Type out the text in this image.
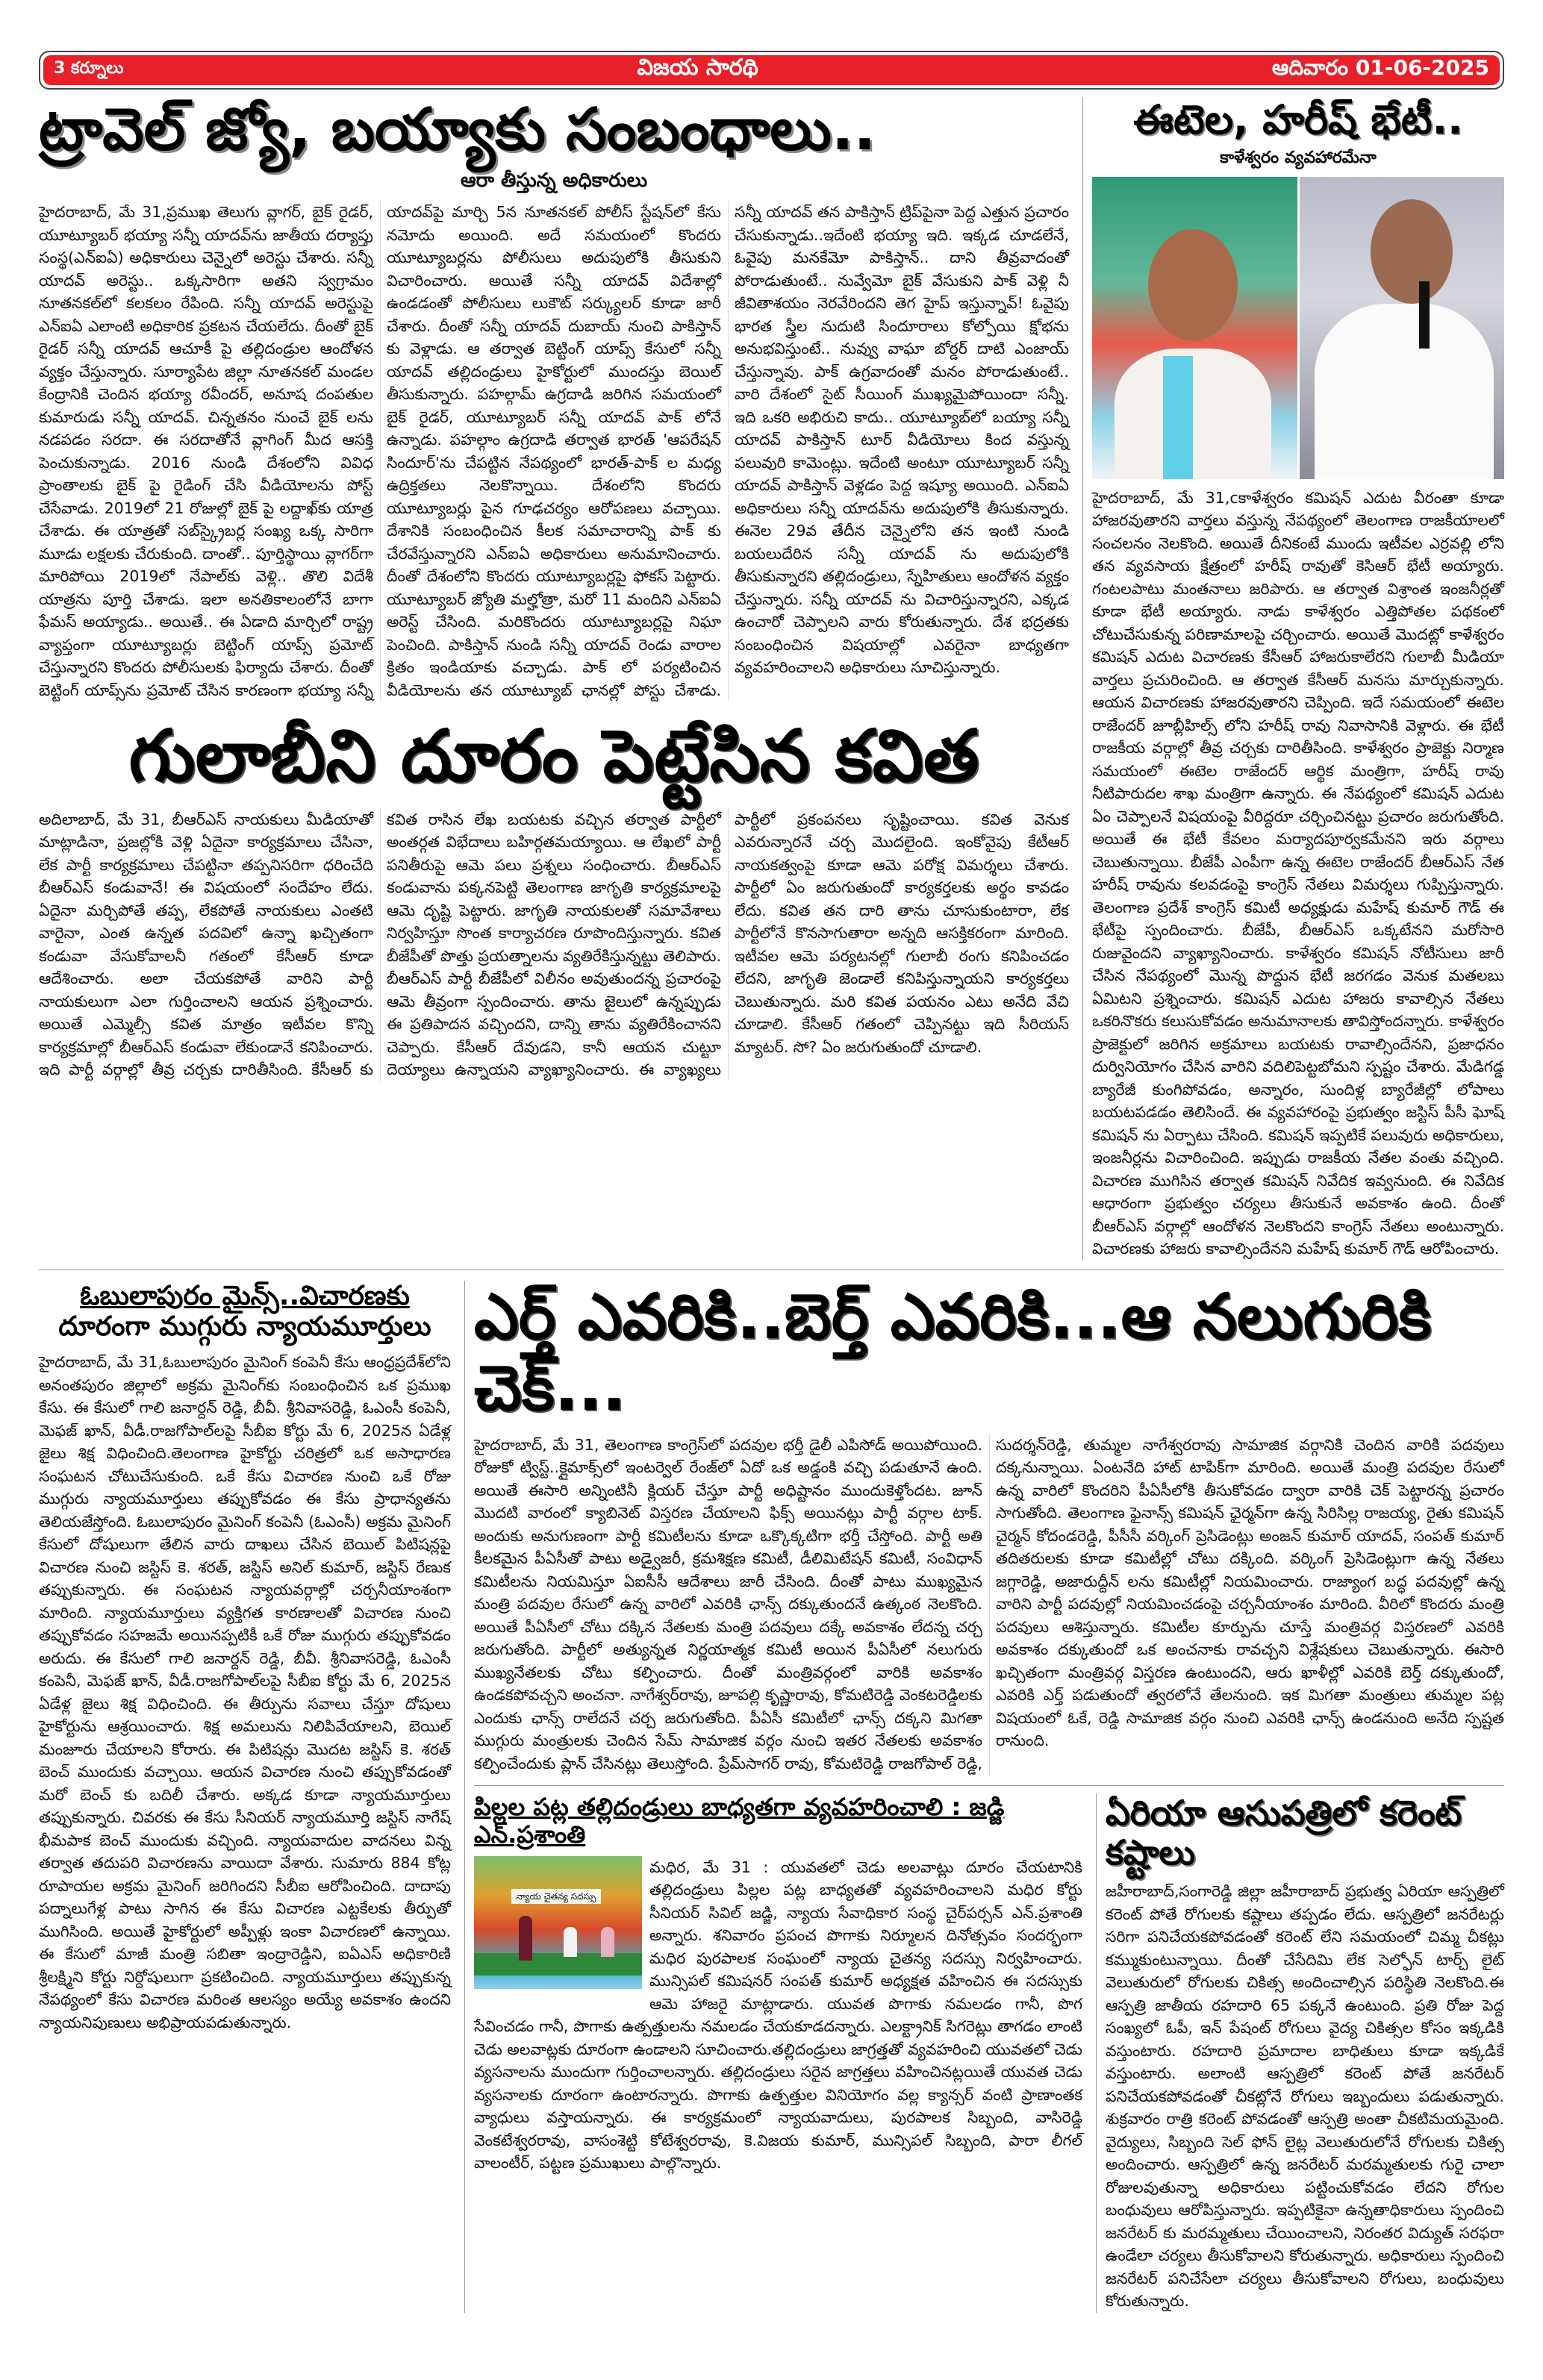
3 కర్నూలు	విజయ సారథి	ఆదివారం 01-06-2025
ట్రావెల్ జ్యో, బయ్యాకు సంబంధాలు..
ఆరా తీస్తున్న అధికారులు

హైదరాబాద్, మే 31,ప్రముఖ తెలుగు వ్లాగర్, బైక్ రైడర్, యూట్యూబర్ భయ్యా సన్నీ యాదవ్‌ను జాతీయ దర్యాప్తు సంస్థ(ఎన్ఐఏ) అధికారులు చెన్నైలో అరెస్టు చేశారు. సన్నీ యాదవ్ అరెస్టు.. ఒక్కసారిగా అతని స్వగ్రామం నూతనకల్‌లో కలకలం రేపింది. సన్నీ యాదవ్ అరెస్టుపై ఎన్ఐఏ ఎలాంటి అధికారిక ప్రకటన చేయలేదు. దీంతో బైక్ రైడర్ సన్నీ యాదవ్ ఆచూకీ పై తల్లిదండ్రుల ఆందోళన వ్యక్తం చేస్తున్నారు. సూర్యాపేట జిల్లా నూతనకల్ మండల కేంద్రానికి చెందిన భయ్యా రవీందర్, అనూష దంపతుల కుమారుడు సన్నీ యాదవ్. చిన్నతనం నుంచే బైక్ లను నడపడం సరదా. ఈ సరదాతోనే వ్లాగింగ్ మీద ఆసక్తి పెంచుకున్నాడు. 2016 నుండి దేశంలోని వివిధ ప్రాంతాలకు బైక్ పై రైడింగ్ చేసి వీడియోలను పోస్ట్ చేసేవాడు. 2019లో 21 రోజుల్లో బైక్ పై లద్దాఖ్‌కు యాత్ర చేశాడు. ఈ యాత్రతో సబ్‌స్క్రైబర్ల సంఖ్య ఒక్క సారిగా మూడు లక్షలకు చేరుకుంది. దాంతో.. పూర్తిస్థాయి వ్లాగర్‌గా మారిపోయి 2019లో నేపాల్‌కు వెళ్లి.. తొలి విదేశీ యాత్రను పూర్తి చేశాడు. ఇలా అనతికాలంలోనే బాగా ఫేమస్ అయ్యాడు.. అయితే.. ఈ ఏడాది మార్చిలో రాష్ట్ర వ్యాప్తంగా యూట్యూబర్లు బెట్టింగ్ యాప్స్ ప్రమోట్ చేస్తున్నారని కొందరు పోలీసులకు ఫిర్యాదు చేశారు. దీంతో బెట్టింగ్ యాప్స్‌ను ప్రమోట్ చేసిన కారణంగా భయ్యా సన్నీ యాదవ్‌పై మార్చి 5న నూతనకల్ పోలీస్ స్టేషన్‌లో కేసు నమోదు అయింది. అదే సమయంలో కొందరు యూట్యూబర్లను పోలీసులు అదుపులోకి తీసుకుని విచారించారు. అయితే సన్నీ యాదవ్ విదేశాల్లో ఉండడంతో పోలీసులు లుకౌట్ సర్క్యులర్ కూడా జారీ చేశారు. దీంతో సన్నీ యాదవ్ దుబాయ్ నుంచి పాకిస్తాన్ కు వెళ్లాడు. ఆ తర్వాత బెట్టింగ్ యాప్స్ కేసులో సన్నీ యాదవ్ తల్లిదండ్రులు హైకోర్టులో ముందస్తు బెయిల్ తీసుకున్నారు. పహల్గామ్ ఉగ్రదాడి జరిగిన సమయంలో బైక్ రైడర్, యూట్యూబర్ సన్నీ యాదవ్ పాక్ లోనే ఉన్నాడు. పహల్గాం ఉగ్రదాడి తర్వాత భారత్ 'ఆపరేషన్ సిందూర్'ను చేపట్టిన నేపథ్యంలో భారత్-పాక్ ల మధ్య ఉద్రిక్తతలు నెలకొన్నాయి. దేశంలోని కొందరు యూట్యూబర్లు పైన గూఢచర్యం ఆరోపణలు వచ్చాయి. దేశానికి సంబంధించిన కీలక సమాచారాన్ని పాక్ కు చేరవేస్తున్నారని ఎన్ఐఏ అధికారులు అనుమానించారు. దీంతో దేశంలోని కొందరు యూట్యూబర్లపై ఫోకస్ పెట్టారు. యూట్యూబర్ జ్యోతి మల్హోత్రా, మరో 11 మందిని ఎన్ఐఏ అరెస్ట్ చేసింది. మరికొందరు యూట్యూబర్లపై నిఘా పెంచింది. పాకిస్తాన్ నుండి సన్నీ యాదవ్ రెండు వారాల క్రితం ఇండియాకు వచ్చాడు. పాక్ లో పర్యటించిన వీడియోలను తన యూట్యూబ్ ఛానల్లో పోస్టు చేశాడు. సన్నీ యాదవ్ తన పాకిస్తాన్ ట్రిప్‌పైనా పెద్ద ఎత్తున ప్రచారం చేసుకున్నాడు..ఇదేంటి భయ్యా ఇది. ఇక్కడ చూడలేనే, ఓవైపు మనకేమో పాకిస్తాన్.. దాని తీవ్రవాదంతో పోరాడుతుంటే.. నువ్వేమో బైక్ వేసుకుని పాక్ వెళ్లి నీ జీవితాశయం నెరవేరిందని తెగ హైప్ ఇస్తున్నావ్! ఓవైపు భారత స్త్రీల నుదుటి సిందూరాలు కోల్పోయి క్షోభను అనుభవిస్తుంటే.. నువ్వు వాఘా బోర్డర్ దాటి ఎంజాయ్ చేస్తున్నావు. పాక్ ఉగ్రవాదంతో మనం పోరాడుతుంటే.. వారి దేశంలో సైట్ సీయింగ్ ముఖ్యమైపోయిందా సన్నీ. ఇది ఒకరి అభిరుచి కాదు.. యూట్యూబ్‌లో బయ్యా సన్నీ యాదవ్ పాకిస్తాన్ టూర్ వీడియోలు కింద వస్తున్న పలువురి కామెంట్లు. ఇదేంటి అంటూ యూట్యూబర్ సన్నీ యాదవ్ పాకిస్తాన్ వెళ్లడం పెద్ద ఇష్యూ అయింది. ఎన్ఐఏ అధికారులు సన్నీ యాదవ్‌ను అదుపులోకి తీసుకున్నారు. ఈనెల 29వ తేదీన చెన్నైలోని తన ఇంటి నుండి బయలుదేరిన సన్నీ యాదవ్ ను అదుపులోకి తీసుకున్నారని తల్లిదండ్రులు, స్నేహితులు ఆందోళన వ్యక్తం చేస్తున్నారు. సన్నీ యాదవ్ ను విచారిస్తున్నారని, ఎక్కడ ఉంచారో చెప్పాలని వారు కోరుతున్నారు. దేశ భద్రతకు సంబంధించిన విషయాల్లో ఎవరైనా బాధ్యతగా వ్యవహరించాలని అధికారులు సూచిస్తున్నారు.

గులాబీని దూరం పెట్టేసిన కవిత

అదిలాబాద్, మే 31, బీఆర్ఎస్ నాయకులు మీడియాతో మాట్లాడినా, ప్రజల్లోకి వెళ్లి ఏదైనా కార్యక్రమాలు చేసినా, లేక పార్టీ కార్యక్రమాలు చేపట్టినా తప్పనిసరిగా ధరించేది బీఆర్ఎస్ కండువానే! ఈ విషయంలో సందేహం లేదు. ఏదైనా మర్చిపోతే తప్ప, లేకపోతే నాయకులు ఎంతటి వారైనా, ఎంత ఉన్నత పదవిలో ఉన్నా ఖచ్చితంగా కండువా వేసుకోవాలనీ గతంలో కేసీఆర్ కూడా ఆదేశించారు. అలా చేయకపోతే వారిని పార్టీ నాయకులుగా ఎలా గుర్తించాలని ఆయన ప్రశ్నించారు. అయితే ఎమ్మెల్సీ కవిత మాత్రం ఇటీవల కొన్ని కార్యక్రమాల్లో బీఆర్ఎస్ కండువా లేకుండానే కనిపించారు. ఇది పార్టీ వర్గాల్లో తీవ్ర చర్చకు దారితీసింది. కేసీఆర్ కు కవిత రాసిన లేఖ బయటకు వచ్చిన తర్వాత పార్టీలో అంతర్గత విభేదాలు బహిర్గతమయ్యాయి. ఆ లేఖలో పార్టీ పనితీరుపై ఆమె పలు ప్రశ్నలు సంధించారు. బీఆర్ఎస్ కండువాను పక్కనపెట్టి తెలంగాణ జాగృతి కార్యక్రమాలపై ఆమె దృష్టి పెట్టారు. జాగృతి నాయకులతో సమావేశాలు నిర్వహిస్తూ సొంత కార్యాచరణ రూపొందిస్తున్నారు. కవిత బీజేపీతో పొత్తు ప్రయత్నాలను వ్యతిరేకిస్తున్నట్టు తెలిపారు. బీఆర్ఎస్ పార్టీ బీజేపీలో విలీనం అవుతుందన్న ప్రచారంపై ఆమె తీవ్రంగా స్పందించారు. తాను జైలులో ఉన్నప్పుడు ఈ ప్రతిపాదన వచ్చిందని, దాన్ని తాను వ్యతిరేకించానని చెప్పారు. కేసీఆర్ దేవుడని, కానీ ఆయన చుట్టూ దెయ్యాలు ఉన్నాయని వ్యాఖ్యానించారు. ఈ వ్యాఖ్యలు పార్టీలో ప్రకంపనలు సృష్టించాయి. కవిత వెనుక ఎవరున్నారనే చర్చ మొదలైంది. ఇంకోవైపు కేటీఆర్ నాయకత్వంపై కూడా ఆమె పరోక్ష విమర్శలు చేశారు. పార్టీలో ఏం జరుగుతుందో కార్యకర్తలకు అర్థం కావడం లేదు. కవిత తన దారి తాను చూసుకుంటారా, లేక పార్టీలోనే కొనసాగుతారా అన్నది ఆసక్తికరంగా మారింది. ఇటీవల ఆమె పర్యటనల్లో గులాబీ రంగు కనిపించడం లేదని, జాగృతి జెండాలే కనిపిస్తున్నాయని కార్యకర్తలు చెబుతున్నారు. మరి కవిత పయనం ఎటు అనేది వేచి చూడాలి. కేసీఆర్ గతంలో చెప్పినట్టు ఇది సీరియస్ మ్యాటర్. సో? ఏం జరుగుతుందో చూడాలి.

ఈటెల, హరీష్ భేటీ..
కాళేశ్వరం వ్యవహారమేనా

హైదరాబాద్, మే 31,cకాళేశ్వరం కమిషన్ ఎదుట వీరంతా కూడా హాజరవుతారని వార్తలు వస్తున్న నేపథ్యంలో తెలంగాణ రాజకీయాలలో సంచలనం నెలకొంది. అయితే దీనికంటే ముందు ఇటీవల ఎర్రవల్లి లోని తన వ్యవసాయ క్షేత్రంలో హరీష్ రావుతో కెసిఆర్ భేటీ అయ్యారు. గంటలపాటు మంతనాలు జరిపారు. ఆ తర్వాత విశ్రాంత ఇంజనీర్లతో కూడా భేటీ అయ్యారు. నాడు కాళేశ్వరం ఎత్తిపోతల పథకంలో చోటుచేసుకున్న పరిణామాలపై చర్చించారు. అయితే మొదట్లో కాళేశ్వరం కమిషన్ ఎదుట విచారణకు కేసీఆర్ హాజరుకాలేరని గులాబీ మీడియా వార్తలు ప్రచురించింది. ఆ తర్వాత కేసీఆర్ మనసు మార్చుకున్నారు. ఆయన విచారణకు హాజరవుతారని చెప్పింది. ఇదే సమయంలో ఈటెల రాజేందర్ జూబ్లీహిల్స్ లోని హరీష్ రావు నివాసానికి వెళ్లారు. ఈ భేటీ రాజకీయ వర్గాల్లో తీవ్ర చర్చకు దారితీసింది. కాళేశ్వరం ప్రాజెక్టు నిర్మాణ సమయంలో ఈటెల రాజేందర్ ఆర్థిక మంత్రిగా, హరీష్ రావు నీటిపారుదల శాఖ మంత్రిగా ఉన్నారు. ఈ నేపథ్యంలో కమిషన్ ఎదుట ఏం చెప్పాలనే విషయంపై వీరిద్దరూ చర్చించినట్టు ప్రచారం జరుగుతోంది. అయితే ఈ భేటీ కేవలం మర్యాదపూర్వకమేనని ఇరు వర్గాలు చెబుతున్నాయి. బీజేపీ ఎంపీగా ఉన్న ఈటెల రాజేందర్ బీఆర్ఎస్ నేత హరీష్ రావును కలవడంపై కాంగ్రెస్ నేతలు విమర్శలు గుప్పిస్తున్నారు. తెలంగాణ ప్రదేశ్ కాంగ్రెస్ కమిటీ అధ్యక్షుడు మహేష్ కుమార్ గౌడ్ ఈ భేటీపై స్పందించారు. బీజేపీ, బీఆర్ఎస్ ఒక్కటేనని మరోసారి రుజువైందని వ్యాఖ్యానించారు. కాళేశ్వరం కమిషన్ నోటీసులు జారీ చేసిన నేపథ్యంలో మొన్న పొద్దున భేటీ జరగడం వెనుక మతలబు ఏమిటని ప్రశ్నించారు. కమిషన్ ఎదుట హాజరు కావాల్సిన నేతలు ఒకరినొకరు కలుసుకోవడం అనుమానాలకు తావిస్తోందన్నారు. కాళేశ్వరం ప్రాజెక్టులో జరిగిన అక్రమాలు బయటకు రావాల్సిందేనని, ప్రజాధనం దుర్వినియోగం చేసిన వారిని వదిలిపెట్టబోమని స్పష్టం చేశారు. మేడిగడ్డ బ్యారేజీ కుంగిపోవడం, అన్నారం, సుందిళ్ల బ్యారేజీల్లో లోపాలు బయటపడడం తెలిసిందే. ఈ వ్యవహారంపై ప్రభుత్వం జస్టిస్ పీసీ ఘోష్ కమిషన్ ను ఏర్పాటు చేసింది. కమిషన్ ఇప్పటికే పలువురు అధికారులు, ఇంజనీర్లను విచారించింది. ఇప్పుడు రాజకీయ నేతల వంతు వచ్చింది. విచారణ ముగిసిన తర్వాత కమిషన్ నివేదిక ఇవ్వనుంది. ఈ నివేదిక ఆధారంగా ప్రభుత్వం చర్యలు తీసుకునే అవకాశం ఉంది. దీంతో బీఆర్ఎస్ వర్గాల్లో ఆందోళన నెలకొందని కాంగ్రెస్ నేతలు అంటున్నారు. విచారణకు హాజరు కావాల్సిందేనని మహేష్ కుమార్ గౌడ్ ఆరోపించారు.

ఓబులాపురం మైన్స్..విచారణకు
దూరంగా ముగ్గురు న్యాయమూర్తులు

హైదరాబాద్, మే 31,ఓబులాపురం మైనింగ్ కంపెనీ కేసు ఆంధ్రప్రదేశ్‌లోని అనంతపురం జిల్లాలో అక్రమ మైనింగ్‌కు సంబంధించిన ఒక ప్రముఖ కేసు. ఈ కేసులో గాలి జనార్దన్ రెడ్డి, బీవీ. శ్రీనివాసరెడ్డి, ఓఎంసీ కంపెనీ, మెఫజ్ ఖాన్, వీడీ.రాజగోపాల్‌లపై సీబీఐ కోర్టు మే 6, 2025న ఏడేళ్ల జైలు శిక్ష విధించింది.తెలంగాణ హైకోర్టు చరిత్రలో ఒక అసాధారణ సంఘటన చోటుచేసుకుంది. ఒకే కేసు విచారణ నుంచి ఒకే రోజు ముగ్గురు న్యాయమూర్తులు తప్పుకోవడం ఈ కేసు ప్రాధాన్యతను తెలియజేస్తోంది. ఓబులాపురం మైనింగ్ కంపెనీ (ఓఎంసీ) అక్రమ మైనింగ్ కేసులో దోషులుగా తేలిన వారు దాఖలు చేసిన బెయిల్ పిటిషన్లపై విచారణ నుంచి జస్టిస్ కె. శరత్, జస్టిస్ అనిల్ కుమార్, జస్టిస్ రేణుక తప్పుకున్నారు. ఈ సంఘటన న్యాయవర్గాల్లో చర్చనీయాంశంగా మారింది. న్యాయమూర్తులు వ్యక్తిగత కారణాలతో విచారణ నుంచి తప్పుకోవడం సహజమే అయినప్పటికీ ఒకే రోజు ముగ్గురు తప్పుకోవడం అరుదు. ఈ కేసులో గాలి జనార్దన్ రెడ్డి, బీవీ. శ్రీనివాసరెడ్డి, ఓఎంసీ కంపెనీ, మెఫజ్ ఖాన్, వీడీ.రాజగోపాల్‌లపై సీబీఐ కోర్టు మే 6, 2025న ఏడేళ్ల జైలు శిక్ష విధించింది. ఈ తీర్పును సవాలు చేస్తూ దోషులు హైకోర్టును ఆశ్రయించారు. శిక్ష అమలును నిలిపివేయాలని, బెయిల్ మంజూరు చేయాలని కోరారు. ఈ పిటిషన్లు మొదట జస్టిస్ కె. శరత్ బెంచ్ ముందుకు వచ్చాయి. ఆయన విచారణ నుంచి తప్పుకోవడంతో మరో బెంచ్ కు బదిలీ చేశారు. అక్కడ కూడా న్యాయమూర్తులు తప్పుకున్నారు. చివరకు ఈ కేసు సీనియర్ న్యాయమూర్తి జస్టిస్ నాగేష్ భీమపాక బెంచ్ ముందుకు వచ్చింది. న్యాయవాదుల వాదనలు విన్న తర్వాత తదుపరి విచారణను వాయిదా వేశారు. సుమారు 884 కోట్ల రూపాయల అక్రమ మైనింగ్ జరిగిందని సీబీఐ ఆరోపించింది. దాదాపు పద్నాలుగేళ్ల పాటు సాగిన ఈ కేసు విచారణ ఎట్టకేలకు తీర్పుతో ముగిసింది. అయితే హైకోర్టులో అప్పీళ్లు ఇంకా విచారణలో ఉన్నాయి. ఈ కేసులో మాజీ మంత్రి సబితా ఇంద్రారెడ్డిని, ఐఏఎస్ అధికారిణి శ్రీలక్ష్మిని కోర్టు నిర్దోషులుగా ప్రకటించింది. న్యాయమూర్తులు తప్పుకున్న నేపథ్యంలో కేసు విచారణ మరింత ఆలస్యం అయ్యే అవకాశం ఉందని న్యాయనిపుణులు అభిప్రాయపడుతున్నారు.

ఎర్త్ ఎవరికి..బెర్త్ ఎవరికి...ఆ నలుగురికి చెక్...

హైదరాబాద్, మే 31, తెలంగాణ కాంగ్రెస్‌లో పదవుల భర్తీ డైలీ ఎపిసోడ్ అయిపోయింది. రోజుకో ట్విస్ట్..క్లైమాక్స్‌లో ఇంటర్వెల్ రేంజ్‌లో ఏదో ఒక అడ్డంకి వచ్చి పడుతూనే ఉంది. అయితే ఈసారి అన్నింటినీ క్లియర్ చేస్తూ పార్టీ అధిష్టానం ముందుకెళ్తోందట. జూన్ మొదటి వారంలో క్యాబినెట్ విస్తరణ చేయాలని ఫిక్స్ అయినట్లు పార్టీ వర్గాల టాక్. అందుకు అనుగుణంగా పార్టీ కమిటీలను కూడా ఒక్కొక్కటిగా భర్తీ చేస్తోంది. పార్టీ అతి కీలకమైన పీఏసీతో పాటు అడ్వైజరీ, క్రమశిక్షణ కమిటీ, డీలిమిటేషన్ కమిటీ, సంవిధాన్ కమిటీలను నియమిస్తూ ఏఐసీసీ ఆదేశాలు జారీ చేసింది. దీంతో పాటు ముఖ్యమైన మంత్రి పదవుల రేసులో ఉన్న వారిలో ఎవరికి ఛాన్స్ దక్కుతుందనే ఉత్కంఠ నెలకొంది. అయితే పీఏసీలో చోటు దక్కిన నేతలకు మంత్రి పదవులు దక్కే అవకాశం లేదన్న చర్చ జరుగుతోంది. పార్టీలో అత్యున్నత నిర్ణయాత్మక కమిటీ అయిన పీఏసీలో నలుగురు ముఖ్యనేతలకు చోటు కల్పించారు. దీంతో మంత్రివర్గంలో వారికి అవకాశం ఉండకపోవచ్చని అంచనా. నాగేశ్వర్‌రావు, జూపల్లి కృష్ణారావు, కోమటిరెడ్డి వెంకటరెడ్డిలకు ఎందుకు ఛాన్స్ రాలేదనే చర్చ జరుగుతోంది. పీఏసీ కమిటీలో ఛాన్స్ దక్కని మిగతా ముగ్గురు మంత్రులకు చెందిన సేమ్ సామాజిక వర్గం నుంచి ఇతర నేతలకు అవకాశం కల్పించేందుకు ప్లాన్ చేసినట్లు తెలుస్తోంది. ప్రేమ్‌సాగర్ రావు, కోమటిరెడ్డి రాజగోపాల్ రెడ్డి, సుదర్శన్‌రెడ్డి, తుమ్మల నాగేశ్వరరావు సామాజిక వర్గానికి చెందిన వారికి పదవులు దక్కనున్నాయి. ఏంటనేది హాట్ టాపిక్‌గా మారింది. అయితే మంత్రి పదవుల రేసులో ఉన్న వారిలో కొందరిని పీఏసీలోకి తీసుకోవడం ద్వారా వారికి చెక్ పెట్టారన్న ప్రచారం సాగుతోంది. తెలంగాణ ఫైనాన్స్ కమిషన్ ఛైర్మన్‌గా ఉన్న సిరిసిల్ల రాజయ్య, రైతు కమిషన్ చైర్మన్ కోదండరెడ్డి, పీసీసీ వర్కింగ్ ప్రెసిడెంట్లు అంజన్ కుమార్ యాదవ్, సంపత్ కుమార్ తదితరులకు కూడా కమిటీల్లో చోటు దక్కింది. వర్కింగ్ ప్రెసిడెంట్లుగా ఉన్న నేతలు జగ్గారెడ్డి, అజారుద్దీన్ లను కమిటీల్లో నియమించారు. రాజ్యాంగ బద్ధ పదవుల్లో ఉన్న వారిని పార్టీ పదవుల్లో నియమించడంపై చర్చనీయాంశం మారింది. వీరిలో కొందరు మంత్రి పదవులు ఆశిస్తున్నారు. కమిటీల కూర్పును చూస్తే మంత్రివర్గ విస్తరణలో ఎవరికి అవకాశం దక్కుతుందో ఒక అంచనాకు రావచ్చని విశ్లేషకులు చెబుతున్నారు. ఈసారి ఖచ్చితంగా మంత్రివర్గ విస్తరణ ఉంటుందని, ఆరు ఖాళీల్లో ఎవరికి బెర్త్ దక్కుతుందో, ఎవరికి ఎర్త్ పడుతుందో త్వరలోనే తేలనుంది. ఇక మిగతా మంత్రులు తుమ్మల పట్ల విషయంలో ఓకే, రెడ్డి సామాజిక వర్గం నుంచి ఎవరికి ఛాన్స్ ఉండనుంది అనేది స్పష్టత రానుంది.

పిల్లల పట్ల తల్లిదండ్రులు బాధ్యతగా వ్యవహరించాలి : జడ్జి ఎన్.ప్రశాంతి
న్యాయ చైతన్య సదస్సు

మధిర, మే 31 : యువతలో చెడు అలవాట్లు దూరం చేయటానికి తల్లిదండ్రులు పిల్లల పట్ల బాధ్యతతో వ్యవహరించాలని మధిర కోర్టు సీనియర్ సివిల్ జడ్జి, న్యాయ సేవాధికార సంస్థ చైర్‌పర్సన్ ఎన్.ప్రశాంతి అన్నారు. శనివారం ప్రపంచ పొగాకు నిర్మూలన దినోత్సవం సందర్భంగా మధిర పురపాలక సంఘంలో న్యాయ చైతన్య సదస్సు నిర్వహించారు. మున్సిపల్ కమిషనర్ సంపత్ కుమార్ అధ్యక్షత వహించిన ఈ సదస్సుకు ఆమె హాజరై మాట్లాడారు. యువత పొగాకు నమలడం గానీ, పొగ సేవించడం గానీ, పొగాకు ఉత్పత్తులను నమలడం చేయకూడదన్నారు. ఎలక్ట్రానిక్ సిగరెట్లు తాగడం లాంటి చెడు అలవాట్లకు దూరంగా ఉండాలని సూచించారు.తల్లిదండ్రులు జాగ్రత్తతో వ్యవహరించి యువతలో చెడు వ్యసనాలను ముందుగా గుర్తించాలన్నారు. తల్లిదండ్రులు సరైన జాగ్రత్తలు వహించినట్లయితే యువత చెడు వ్యసనాలకు దూరంగా ఉంటారన్నారు. పొగాకు ఉత్పత్తుల వినియోగం వల్ల క్యాన్సర్ వంటి ప్రాణాంతక వ్యాధులు వస్తాయన్నారు. ఈ కార్యక్రమంలో న్యాయవాదులు, పురపాలక సిబ్బంది, వాసిరెడ్డి వెంకటేశ్వరరావు, వాసంశెట్టి కోటేశ్వరరావు, కె.విజయ కుమార్, మున్సిపల్ సిబ్బంది, పారా లీగల్ వాలంటీర్, పట్టణ ప్రముఖులు పాల్గొన్నారు.

ఏరియా ఆసుపత్రిలో కరెంట్ కష్టాలు

జహీరాబాద్,సంగారెడ్డి జిల్లా జహీరాబాద్ ప్రభుత్వ ఏరియా ఆస్పత్రిలో కరెంట్ పోతే రోగులకు కష్టాలు తప్పడం లేదు. ఆస్పత్రిలో జనరేటర్లు సరిగా పనిచేయకపోవడంతో కరెంట్ లేని సమయంలో చిమ్మ చీకట్లు కమ్ముకుంటున్నాయి. దీంతో చేసేదిమి లేక సెల్ఫోన్ టార్చ్ లైట్ వెలుతురులో రోగులకు చికిత్స అందించాల్సిన పరిస్థితి నెలకొంది.ఈ ఆస్పత్రి జాతీయ రహదారి 65 పక్కనే ఉంటుంది. ప్రతి రోజు పెద్ద సంఖ్యలో ఓపీ, ఇన్ పేషంట్ రోగులు వైద్య చికిత్సల కోసం ఇక్కడికి వస్తుంటారు. రహదారి ప్రమాదాల బాధితులు కూడా ఇక్కడికే వస్తుంటారు. అలాంటి ఆస్పత్రిలో కరెంట్ పోతే జనరేటర్ పనిచేయకపోవడంతో చీకట్లోనే రోగులు ఇబ్బందులు పడుతున్నారు. శుక్రవారం రాత్రి కరెంట్ పోవడంతో ఆస్పత్రి అంతా చీకటిమయమైంది. వైద్యులు, సిబ్బంది సెల్ ఫోన్ లైట్ల వెలుతురులోనే రోగులకు చికిత్స అందించారు. ఆస్పత్రిలో ఉన్న జనరేటర్ మరమ్మతులకు గురై చాలా రోజులవుతున్నా అధికారులు పట్టించుకోవడం లేదని రోగుల బంధువులు ఆరోపిస్తున్నారు. ఇప్పటికైనా ఉన్నతాధికారులు స్పందించి జనరేటర్ కు మరమ్మతులు చేయించాలని, నిరంతర విద్యుత్ సరఫరా ఉండేలా చర్యలు తీసుకోవాలని కోరుతున్నారు. అధికారులు స్పందించి జనరేటర్ పనిచేసేలా చర్యలు తీసుకోవాలని రోగులు, బంధువులు కోరుతున్నారు.
